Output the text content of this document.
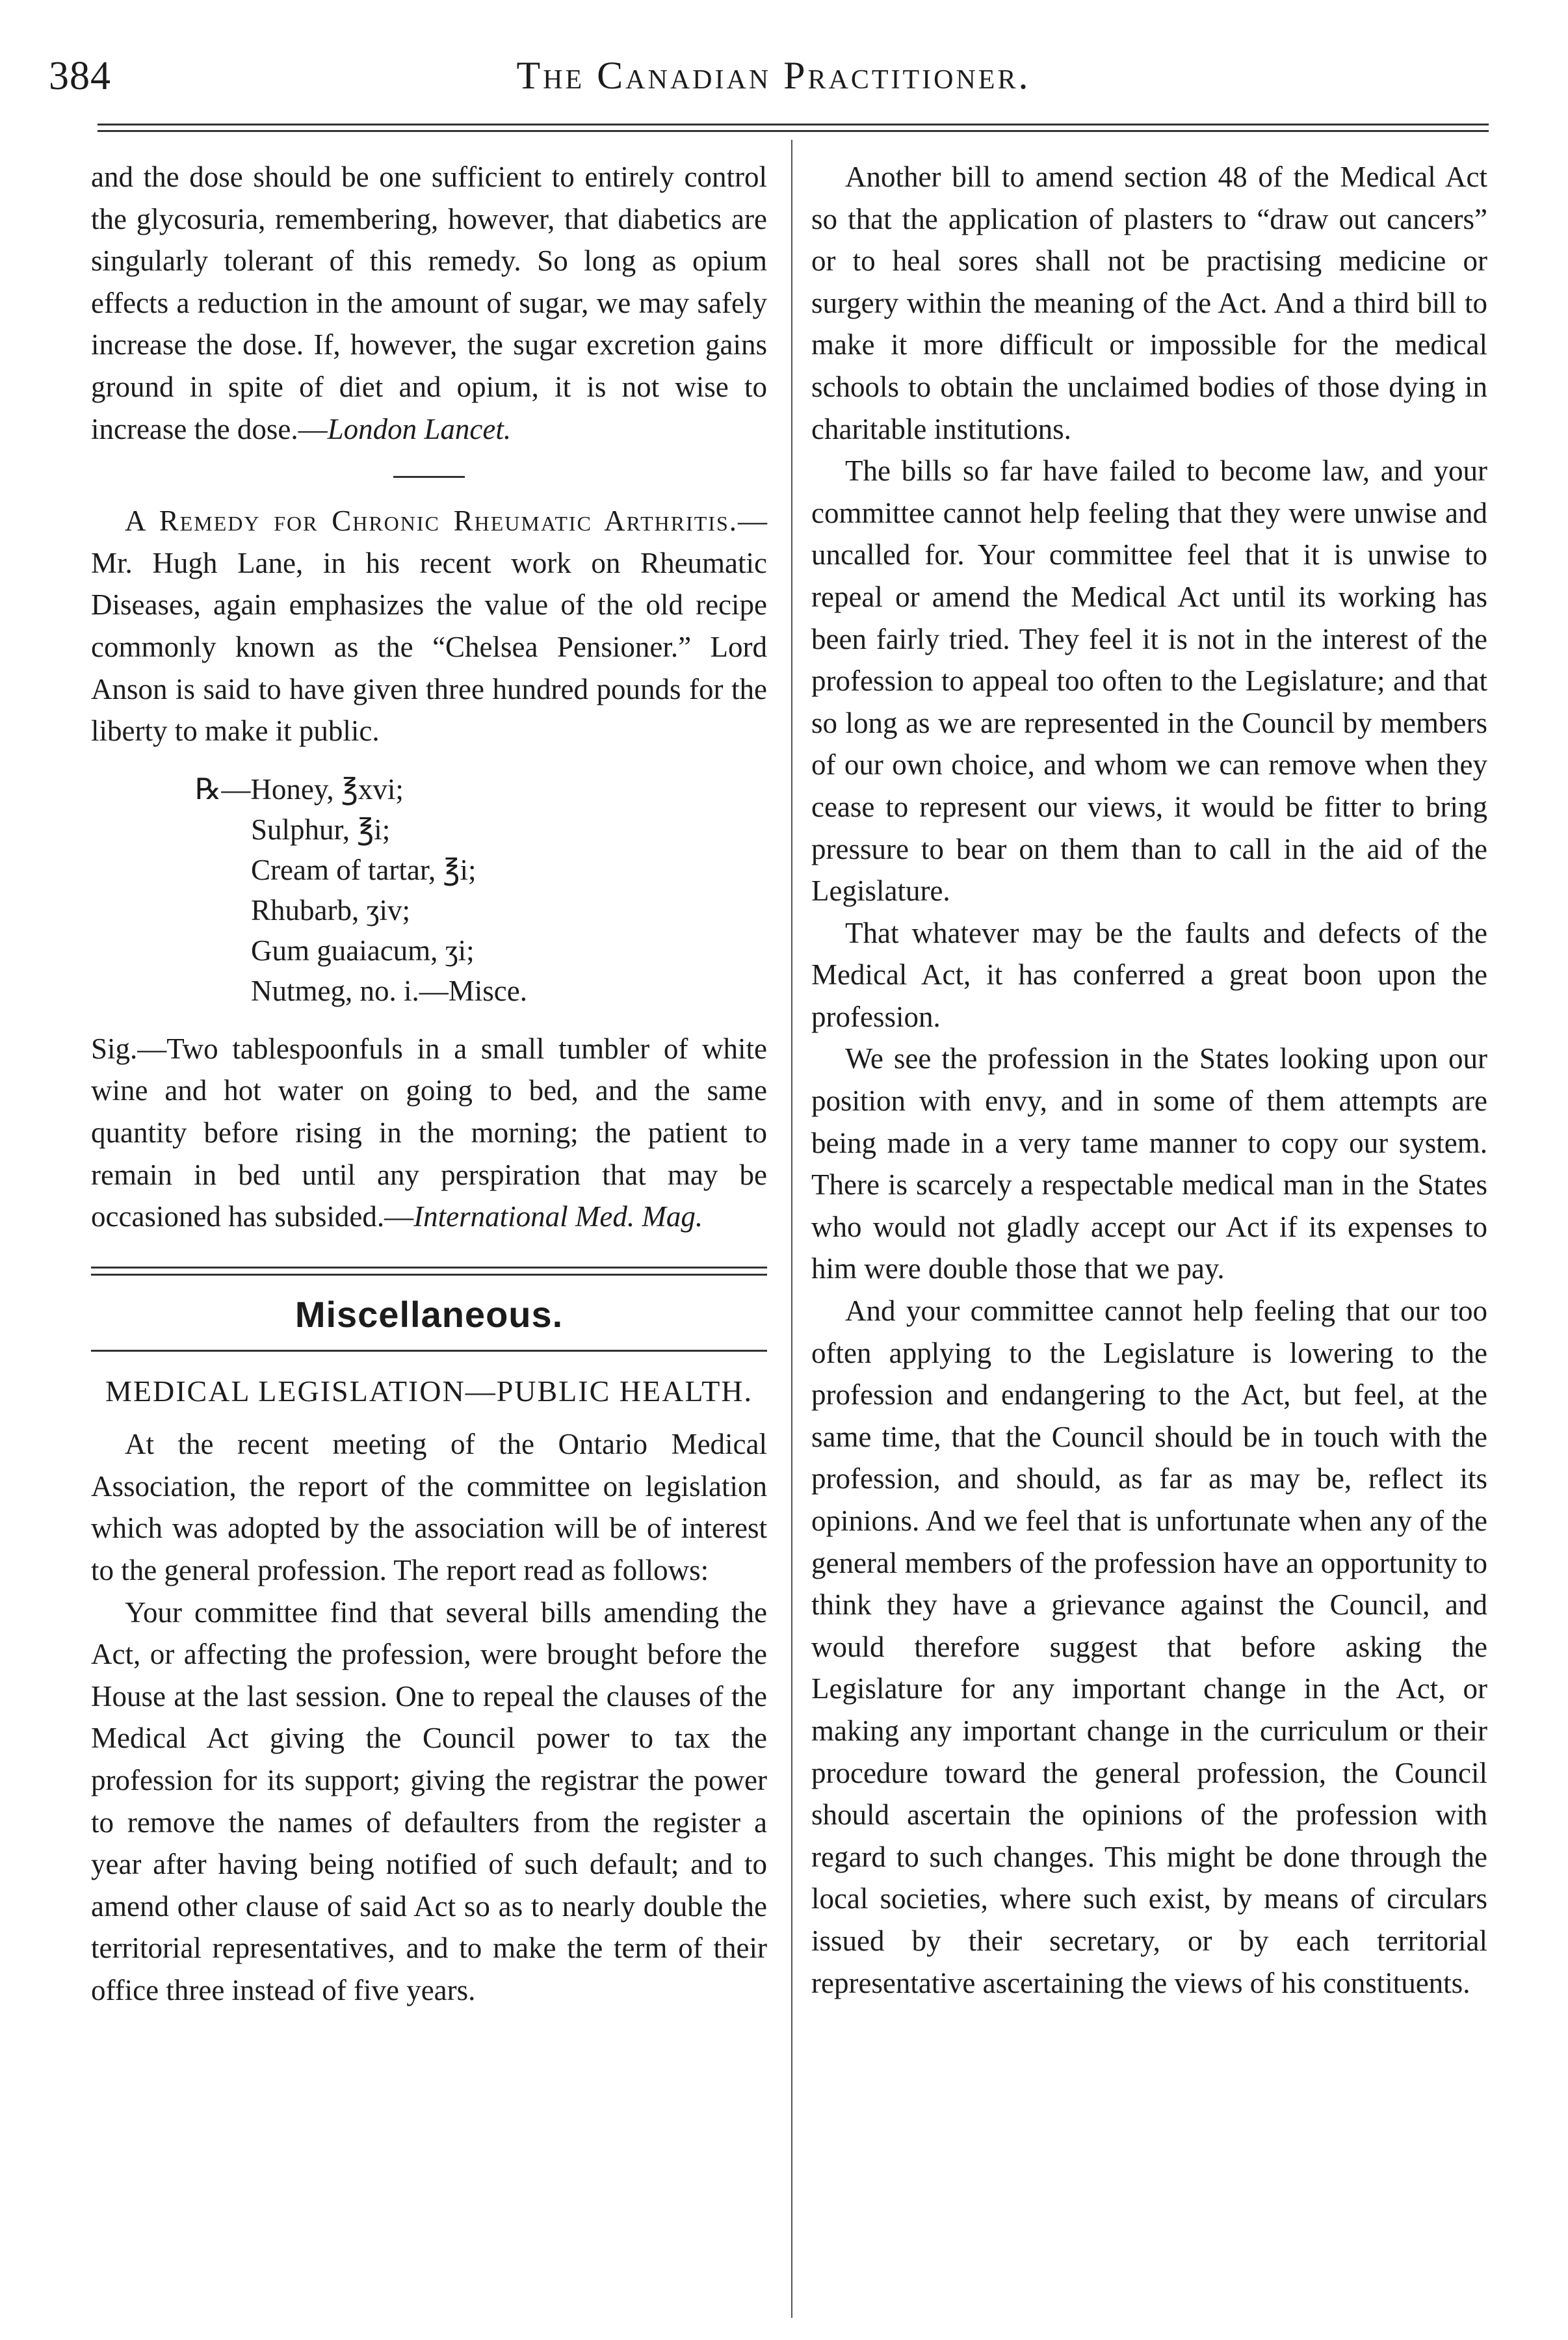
384	The Canadian Practitioner.

and the dose should be one sufficient to entirely control the glycosuria, remembering, however, that diabetics are singularly tolerant of this remedy. So long as opium effects a reduction in the amount of sugar, we may safely increase the dose. If, however, the sugar excretion gains ground in spite of diet and opium, it is not wise to increase the dose.—London Lancet.

A Remedy for Chronic Rheumatic Arthritis.—Mr. Hugh Lane, in his recent work on Rheumatic Diseases, again emphasizes the value of the old recipe commonly known as the “Chelsea Pensioner.” Lord Anson is said to have given three hundred pounds for the liberty to make it public.

℞—Honey, ℥xvi;
Sulphur, ℥i;
Cream of tartar, ℥i;
Rhubarb, ʒiv;
Gum guaiacum, ʒi;
Nutmeg, no. i.—Misce.

Sig.—Two tablespoonfuls in a small tumbler of white wine and hot water on going to bed, and the same quantity before rising in the morning; the patient to remain in bed until any perspiration that may be occasioned has subsided.—International Med. Mag.

Miscellaneous.
MEDICAL LEGISLATION—PUBLIC HEALTH.

At the recent meeting of the Ontario Medical Association, the report of the committee on legislation which was adopted by the association will be of interest to the general profession. The report read as follows:

Your committee find that several bills amending the Act, or affecting the profession, were brought before the House at the last session. One to repeal the clauses of the Medical Act giving the Council power to tax the profession for its support; giving the registrar the power to remove the names of defaulters from the register a year after having being notified of such default; and to amend other clause of said Act so as to nearly double the territorial representatives, and to make the term of their office three instead of five years.

Another bill to amend section 48 of the Medical Act so that the application of plasters to “draw out cancers” or to heal sores shall not be practising medicine or surgery within the meaning of the Act. And a third bill to make it more difficult or impossible for the medical schools to obtain the unclaimed bodies of those dying in charitable institutions.

The bills so far have failed to become law, and your committee cannot help feeling that they were unwise and uncalled for. Your committee feel that it is unwise to repeal or amend the Medical Act until its working has been fairly tried. They feel it is not in the interest of the profession to appeal too often to the Legislature; and that so long as we are represented in the Council by members of our own choice, and whom we can remove when they cease to represent our views, it would be fitter to bring pressure to bear on them than to call in the aid of the Legislature.

That whatever may be the faults and defects of the Medical Act, it has conferred a great boon upon the profession.

We see the profession in the States looking upon our position with envy, and in some of them attempts are being made in a very tame manner to copy our system. There is scarcely a respectable medical man in the States who would not gladly accept our Act if its expenses to him were double those that we pay.

And your committee cannot help feeling that our too often applying to the Legislature is lowering to the profession and endangering to the Act, but feel, at the same time, that the Council should be in touch with the profession, and should, as far as may be, reflect its opinions. And we feel that is unfortunate when any of the general members of the profession have an opportunity to think they have a grievance against the Council, and would therefore suggest that before asking the Legislature for any important change in the Act, or making any important change in the curriculum or their procedure toward the general profession, the Council should ascertain the opinions of the profession with regard to such changes. This might be done through the local societies, where such exist, by means of circulars issued by their secretary, or by each territorial representative ascertaining the views of his constituents.
